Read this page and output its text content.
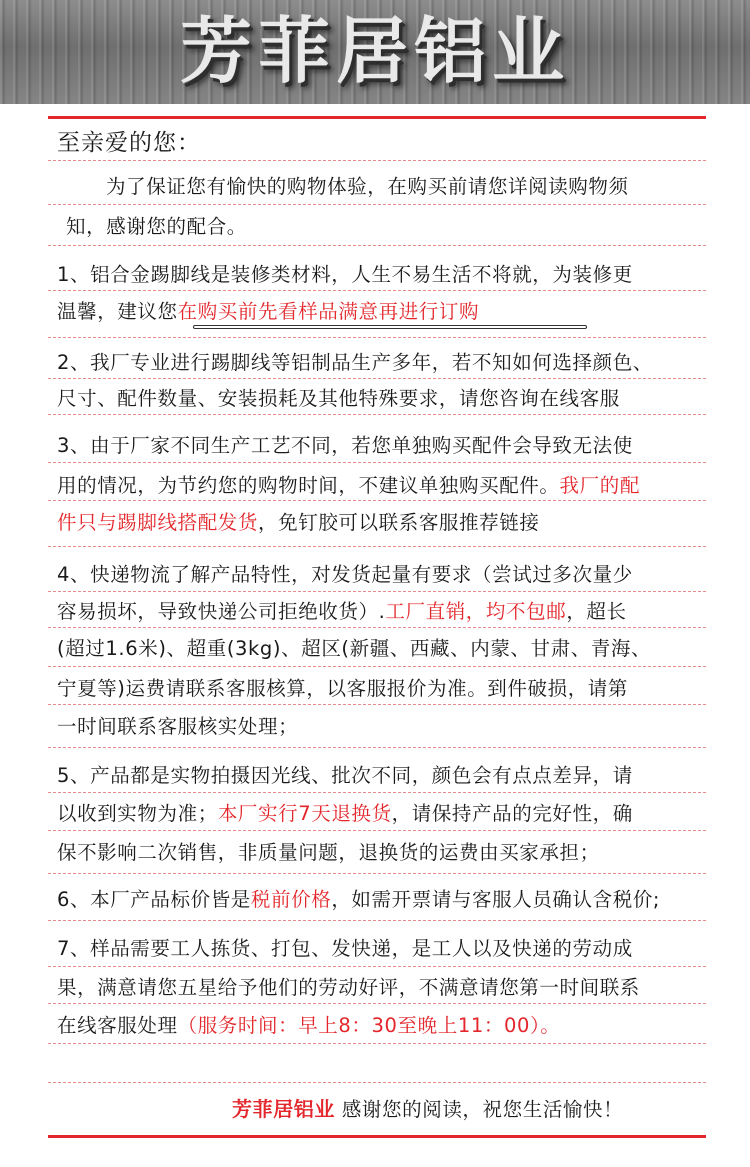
芳菲居铝业
至亲爱的您：
为了保证您有愉快的购物体验，在购买前请您详阅读购物须
知，感谢您的配合。
1、铝合金踢脚线是装修类材料，人生不易生活不将就，为装修更
温馨，建议您在购买前先看样品满意再进行订购
2、我厂专业进行踢脚线等铝制品生产多年，若不知如何选择颜色、
尺寸、配件数量、安装损耗及其他特殊要求，请您咨询在线客服
3、由于厂家不同生产工艺不同，若您单独购买配件会导致无法使
用的情况，为节约您的购物时间，不建议单独购买配件。我厂的配
件只与踢脚线搭配发货，免钉胶可以联系客服推荐链接
4、快递物流了解产品特性，对发货起量有要求（尝试过多次量少
容易损坏，导致快递公司拒绝收货）.工厂直销，均不包邮，超长
(超过1.6米)、超重(3kg)、超区(新疆、西藏、内蒙、甘肃、青海、
宁夏等)运费请联系客服核算，以客服报价为准。到件破损，请第
一时间联系客服核实处理；
5、产品都是实物拍摄因光线、批次不同，颜色会有点点差异，请
以收到实物为准；本厂实行7天退换货，请保持产品的完好性，确
保不影响二次销售，非质量问题，退换货的运费由买家承担；
6、本厂产品标价皆是税前价格，如需开票请与客服人员确认含税价;
7、样品需要工人拣货、打包、发快递，是工人以及快递的劳动成
果，满意请您五星给予他们的劳动好评，不满意请您第一时间联系
在线客服处理（服务时间：早上8：30至晚上11：00）。
芳菲居铝业 感谢您的阅读，祝您生活愉快！
